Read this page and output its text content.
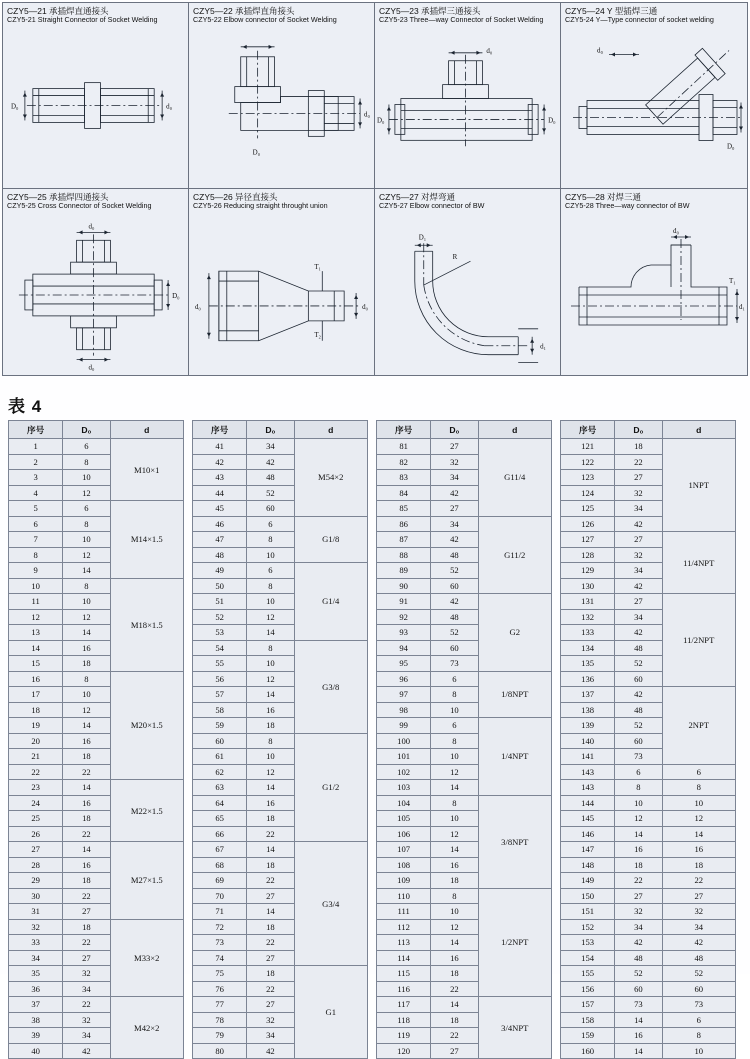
CZY5—21 承插焊直通接头
CZY5-21 Straight Connector of Socket Welding
D₀	d₀
CZY5—22 承插焊直角接头
CZY5-22 Elbow connector of Socket Welding
D₀
d₀
CZY5—23 承插焊三通接头
CZY5-23 Three—way Connector of Socket Welding
d₀
D₀	D₀
CZY5—24 Y 型插焊三通
CZY5-24 Y—Type connector of socket welding
d₀
D₀
CZY5—25 承插焊四通接头
CZY5-25 Cross Connector of Socket Welding
d₀
d₀
D₀
CZY5—26 异径直接头
CZY5-26 Reducing straight throught union
d₀	d₀
T₁
T₂
CZY5—27 对焊弯通
CZY5-27 Elbow connector of BW
R
d₁
D₁
CZY5—28 对焊三通
CZY5-28 Three—way connector of BW
d₀
T₁
d₁
表 4
序号	D₀	d
1	6	M10×1
2	8	
3	10	
4	12	
5	6	M14×1.5
6	8	
7	10	
8	12	
9	14	
10	8	M18×1.5
11	10	
12	12	
13	14	
14	16	
15	18	
16	8	M20×1.5
17	10	
18	12	
19	14	
20	16	
21	18	
22	22	
23	14	M22×1.5
24	16	
25	18	
26	22	
27	14	M27×1.5
28	16	
29	18	
30	22	
31	27	
32	18	M33×2
33	22	
34	27	
35	32	
36	34	
37	22	M42×2
38	32	
39	34	
40	42	
序号	D₀	d
41	34	M54×2
42	42	
43	48	
44	52	
45	60	
46	6	G1/8
47	8	
48	10	
49	6	G1/4
50	8	
51	10	
52	12	
53	14	
54	8	G3/8
55	10	
56	12	
57	14	
58	16	
59	18	
60	8	G1/2
61	10	
62	12	
63	14	
64	16	
65	18	
66	22	
67	14	G3/4
68	18	
69	22	
70	27	
71	14	
72	18	
73	22	
74	27	
75	18	G1
76	22	
77	27	
78	32	
79	34	
80	42	
序号	D₀	d
81	27	G11/4
82	32	
83	34	
84	42	
85	27	
86	34	G11/2
87	42	
88	48	
89	52	
90	60	
91	42	G2
92	48	
93	52	
94	60	
95	73	
96	6	1/8NPT
97	8	
98	10	
99	6	1/4NPT
100	8	
101	10	
102	12	
103	14	
104	8	3/8NPT
105	10	
106	12	
107	14	
108	16	
109	18	
110	8	1/2NPT
111	10	
112	12	
113	14	
114	16	
115	18	
116	22	
117	14	3/4NPT
118	18	
119	22	
120	27	
序号	D₀	d
121	18	1NPT
122	22	
123	27	
124	32	
125	34	
126	42	
127	27	11/4NPT
128	32	
129	34	
130	42	
131	27	11/2NPT
132	34	
133	42	
134	48	
135	52	
136	60	
137	42	2NPT
138	48	
139	52	
140	60	
141	73	
143	6	6
143	8	8
144	10	10
145	12	12
146	14	14
147	16	16
148	18	18
149	22	22
150	27	27
151	32	32
152	34	34
153	42	42
154	48	48
155	52	52
156	60	60
157	73	73
158	14	6
159	16	8
160	14	10
